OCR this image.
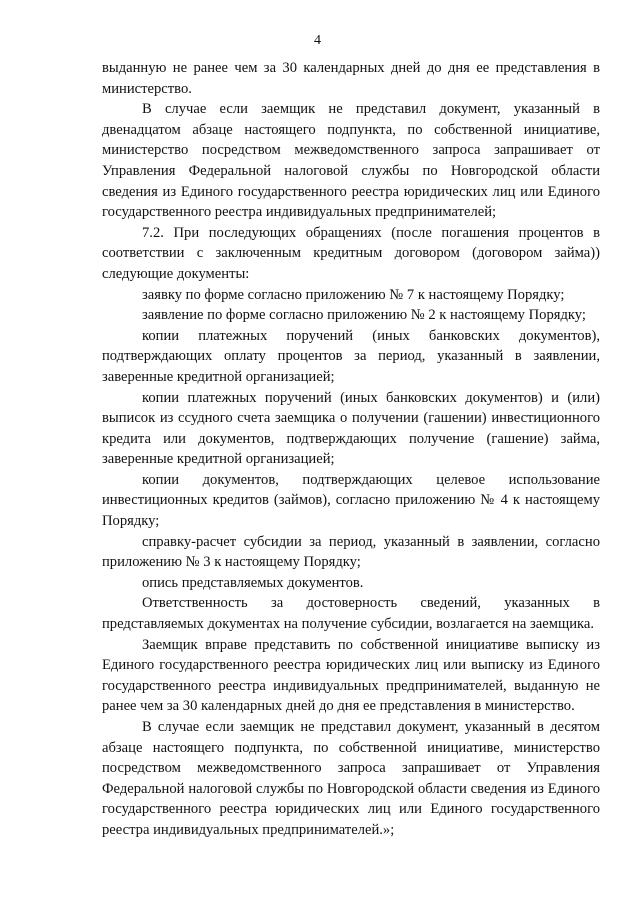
4

выданную не ранее чем за 30 календарных дней до дня ее представления в министерство.

В случае если заемщик не представил документ, указанный в двенадцатом абзаце настоящего подпункта, по собственной инициативе, министерство посредством межведомственного запроса запрашивает от Управления Федеральной налоговой службы по Новгородской области сведения из Единого государственного реестра юридических лиц или Единого государственного реестра индивидуальных предпринимателей;

7.2. При последующих обращениях (после погашения процентов в соответствии с заключенным кредитным договором (договором займа)) следующие документы:

заявку по форме согласно приложению № 7 к настоящему Порядку;

заявление по форме согласно приложению № 2 к настоящему Порядку;

копии платежных поручений (иных банковских документов), подтверждающих оплату процентов за период, указанный в заявлении, заверенные кредитной организацией;

копии платежных поручений (иных банковских документов) и (или) выписок из ссудного счета заемщика о получении (гашении) инвестиционного кредита или документов, подтверждающих получение (гашение) займа, заверенные кредитной организацией;

копии документов, подтверждающих целевое использование инвестиционных кредитов (займов), согласно приложению № 4 к настоящему Порядку;

справку-расчет субсидии за период, указанный в заявлении, согласно приложению № 3 к настоящему Порядку;

опись представляемых документов.

Ответственность за достоверность сведений, указанных в представляемых документах на получение субсидии, возлагается на заемщика.

Заемщик вправе представить по собственной инициативе выписку из Единого государственного реестра юридических лиц или выписку из Единого государственного реестра индивидуальных предпринимателей, выданную не ранее чем за 30 календарных дней до дня ее представления в министерство.

В случае если заемщик не представил документ, указанный в десятом абзаце настоящего подпункта, по собственной инициативе, министерство посредством межведомственного запроса запрашивает от Управления Федеральной налоговой службы по Новгородской области сведения из Единого государственного реестра юридических лиц или Единого государственного реестра индивидуальных предпринимателей.»;
